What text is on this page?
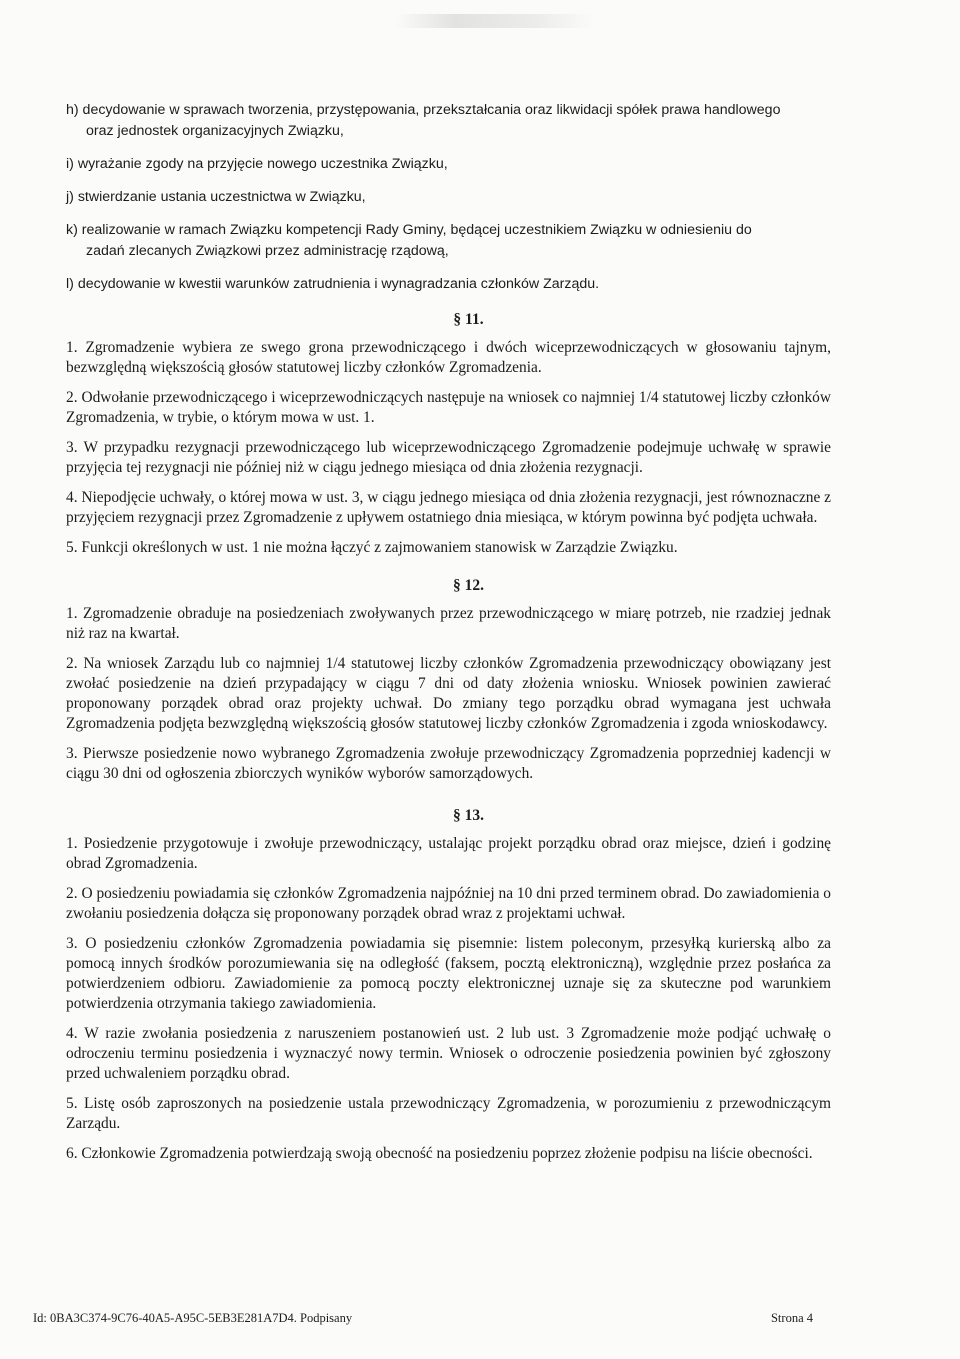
h) decydowanie w sprawach tworzenia, przystępowania, przekształcania oraz likwidacji spółek prawa handlowego
oraz jednostek organizacyjnych Związku,
i) wyrażanie zgody na przyjęcie nowego uczestnika Związku,
j) stwierdzanie ustania uczestnictwa w Związku,
k) realizowanie w ramach Związku kompetencji Rady Gminy, będącej uczestnikiem Związku w odniesieniu do
zadań zlecanych Związkowi przez administrację rządową,
l) decydowanie w kwestii warunków zatrudnienia i wynagradzania członków Zarządu.
§ 11.
1. Zgromadzenie wybiera ze swego grona przewodniczącego i dwóch wiceprzewodniczących w głosowaniu tajnym, bezwzględną większością głosów statutowej liczby członków Zgromadzenia.
2. Odwołanie przewodniczącego i wiceprzewodniczących następuje na wniosek co najmniej 1/4 statutowej liczby członków Zgromadzenia, w trybie, o którym mowa w ust. 1.
3. W przypadku rezygnacji przewodniczącego lub wiceprzewodniczącego Zgromadzenie podejmuje uchwałę w sprawie przyjęcia tej rezygnacji nie później niż w ciągu jednego miesiąca od dnia złożenia rezygnacji.
4. Niepodjęcie uchwały, o której mowa w ust. 3, w ciągu jednego miesiąca od dnia złożenia rezygnacji, jest równoznaczne z przyjęciem rezygnacji przez Zgromadzenie z upływem ostatniego dnia miesiąca, w którym powinna być podjęta uchwała.
5. Funkcji określonych w ust. 1 nie można łączyć z zajmowaniem stanowisk w Zarządzie Związku.
§ 12.
1. Zgromadzenie obraduje na posiedzeniach zwoływanych przez przewodniczącego w miarę potrzeb, nie rzadziej jednak niż raz na kwartał.
2. Na wniosek Zarządu lub co najmniej 1/4 statutowej liczby członków Zgromadzenia przewodniczący obowiązany jest zwołać posiedzenie na dzień przypadający w ciągu 7 dni od daty złożenia wniosku. Wniosek powinien zawierać proponowany porządek obrad oraz projekty uchwał. Do zmiany tego porządku obrad wymagana jest uchwała Zgromadzenia podjęta bezwzględną większością głosów statutowej liczby członków Zgromadzenia i zgoda wnioskodawcy.
3. Pierwsze posiedzenie nowo wybranego Zgromadzenia zwołuje przewodniczący Zgromadzenia poprzedniej kadencji w ciągu 30 dni od ogłoszenia zbiorczych wyników wyborów samorządowych.
§ 13.
1. Posiedzenie przygotowuje i zwołuje przewodniczący, ustalając projekt porządku obrad oraz miejsce, dzień i godzinę obrad Zgromadzenia.
2. O posiedzeniu powiadamia się członków Zgromadzenia najpóźniej na 10 dni przed terminem obrad. Do zawiadomienia o zwołaniu posiedzenia dołącza się proponowany porządek obrad wraz z projektami uchwał.
3. O posiedzeniu członków Zgromadzenia powiadamia się pisemnie: listem poleconym, przesyłką kurierską albo za pomocą innych środków porozumiewania się na odległość (faksem, pocztą elektroniczną), względnie przez posłańca za potwierdzeniem odbioru. Zawiadomienie za pomocą poczty elektronicznej uznaje się za skuteczne pod warunkiem potwierdzenia otrzymania takiego zawiadomienia.
4. W razie zwołania posiedzenia z naruszeniem postanowień ust. 2 lub ust. 3 Zgromadzenie może podjąć uchwałę o odroczeniu terminu posiedzenia i wyznaczyć nowy termin. Wniosek o odroczenie posiedzenia powinien być zgłoszony przed uchwaleniem porządku obrad.
5. Listę osób zaproszonych na posiedzenie ustala przewodniczący Zgromadzenia, w porozumieniu z przewodniczącym Zarządu.
6. Członkowie Zgromadzenia potwierdzają swoją obecność na posiedzeniu poprzez złożenie podpisu na liście obecności.
Id: 0BA3C374-9C76-40A5-A95C-5EB3E281A7D4. Podpisany	Strona 4
